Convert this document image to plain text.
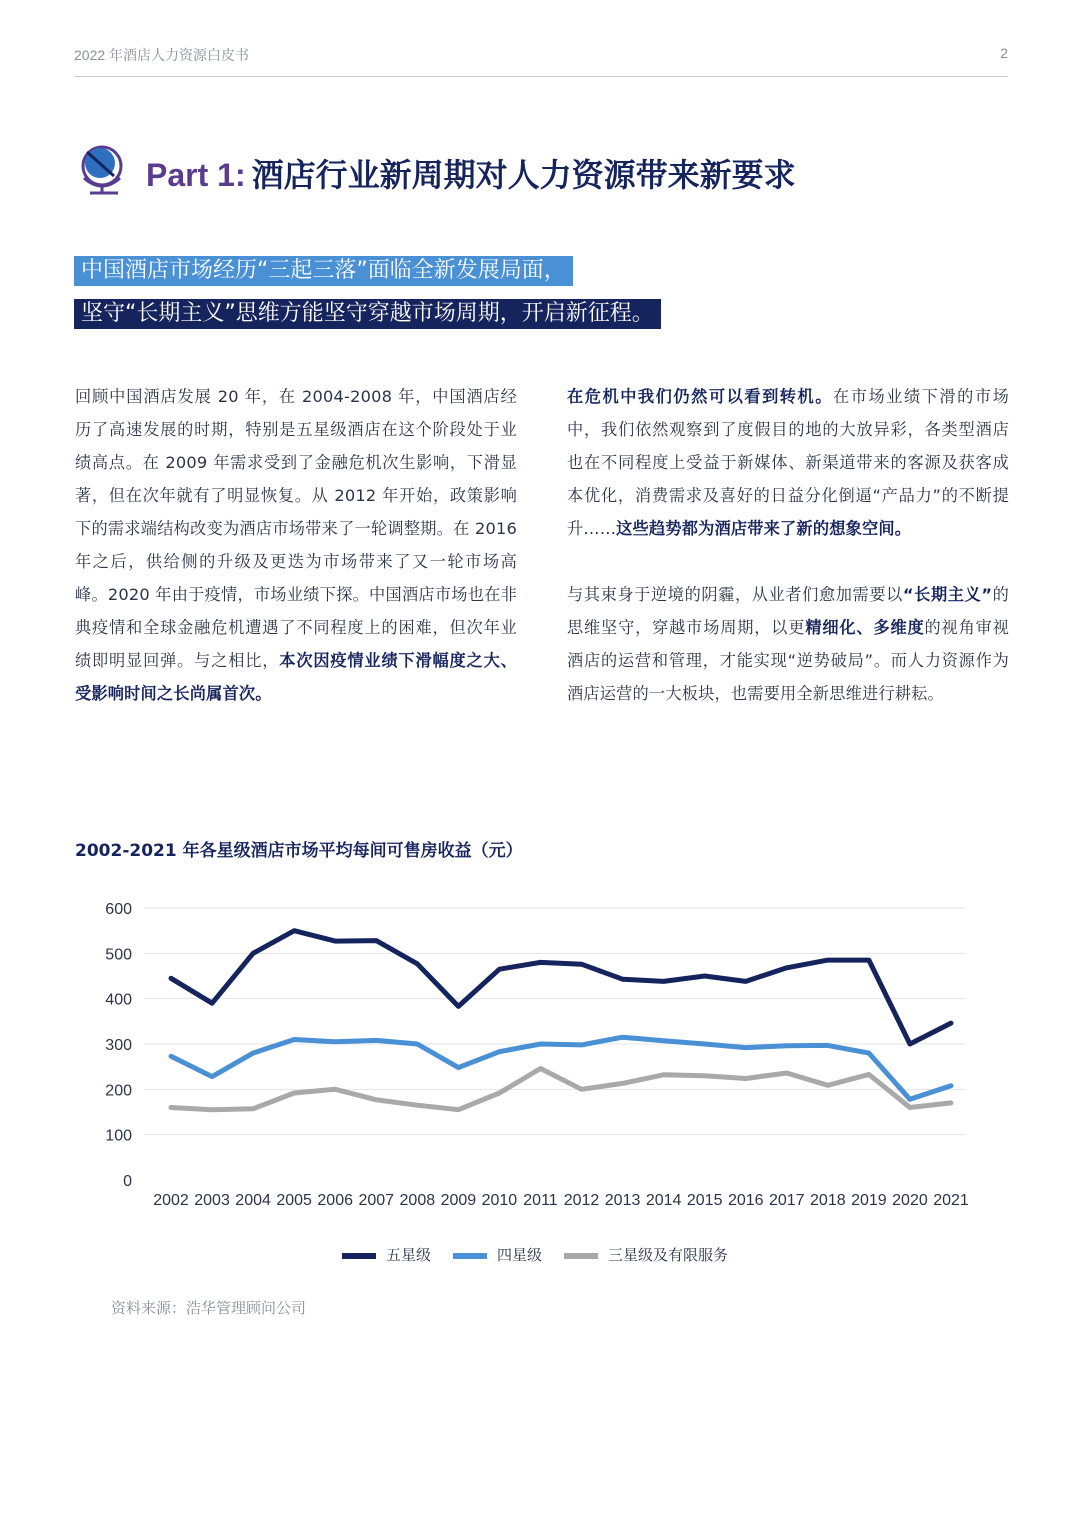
2022 年酒店人力资源白皮书	2
Part 1: 酒店行业新周期对人力资源带来新要求
中国酒店市场经历“三起三落”面临全新发展局面，
坚守“长期主义”思维方能坚守穿越市场周期，开启新征程。

回顾中国酒店发展 20 年，在 2004-2008 年，中国酒店经历了高速发展的时期，特别是五星级酒店在这个阶段处于业绩高点。在 2009 年需求受到了金融危机次生影响，下滑显著，但在次年就有了明显恢复。从 2012 年开始，政策影响下的需求端结构改变为酒店市场带来了一轮调整期。在 2016 年之后，供给侧的升级及更迭为市场带来了又一轮市场高峰。2020 年由于疫情，市场业绩下探。中国酒店市场也在非典疫情和全球金融危机遭遇了不同程度上的困难，但次年业绩即明显回弹。与之相比，本次因疫情业绩下滑幅度之大、受影响时间之长尚属首次。

在危机中我们仍然可以看到转机。在市场业绩下滑的市场中，我们依然观察到了度假目的地的大放异彩，各类型酒店也在不同程度上受益于新媒体、新渠道带来的客源及获客成本优化，消费需求及喜好的日益分化倒逼“产品力”的不断提升……这些趋势都为酒店带来了新的想象空间。

与其束身于逆境的阴霾，从业者们愈加需要以“长期主义”的思维坚守，穿越市场周期，以更精细化、多维度的视角审视酒店的运营和管理，才能实现“逆势破局”。而人力资源作为酒店运营的一大板块，也需要用全新思维进行耕耘。

2002-2021 年各星级酒店市场平均每间可售房收益（元）
0
100
200
300
400
500
600
2002 2003 2004 2005 2006 2007 2008 2009 2010 2011 2012 2013 2014 2015 2016 2017 2018 2019 2020 2021
五星级	四星级	三星级及有限服务
资料来源：浩华管理顾问公司
